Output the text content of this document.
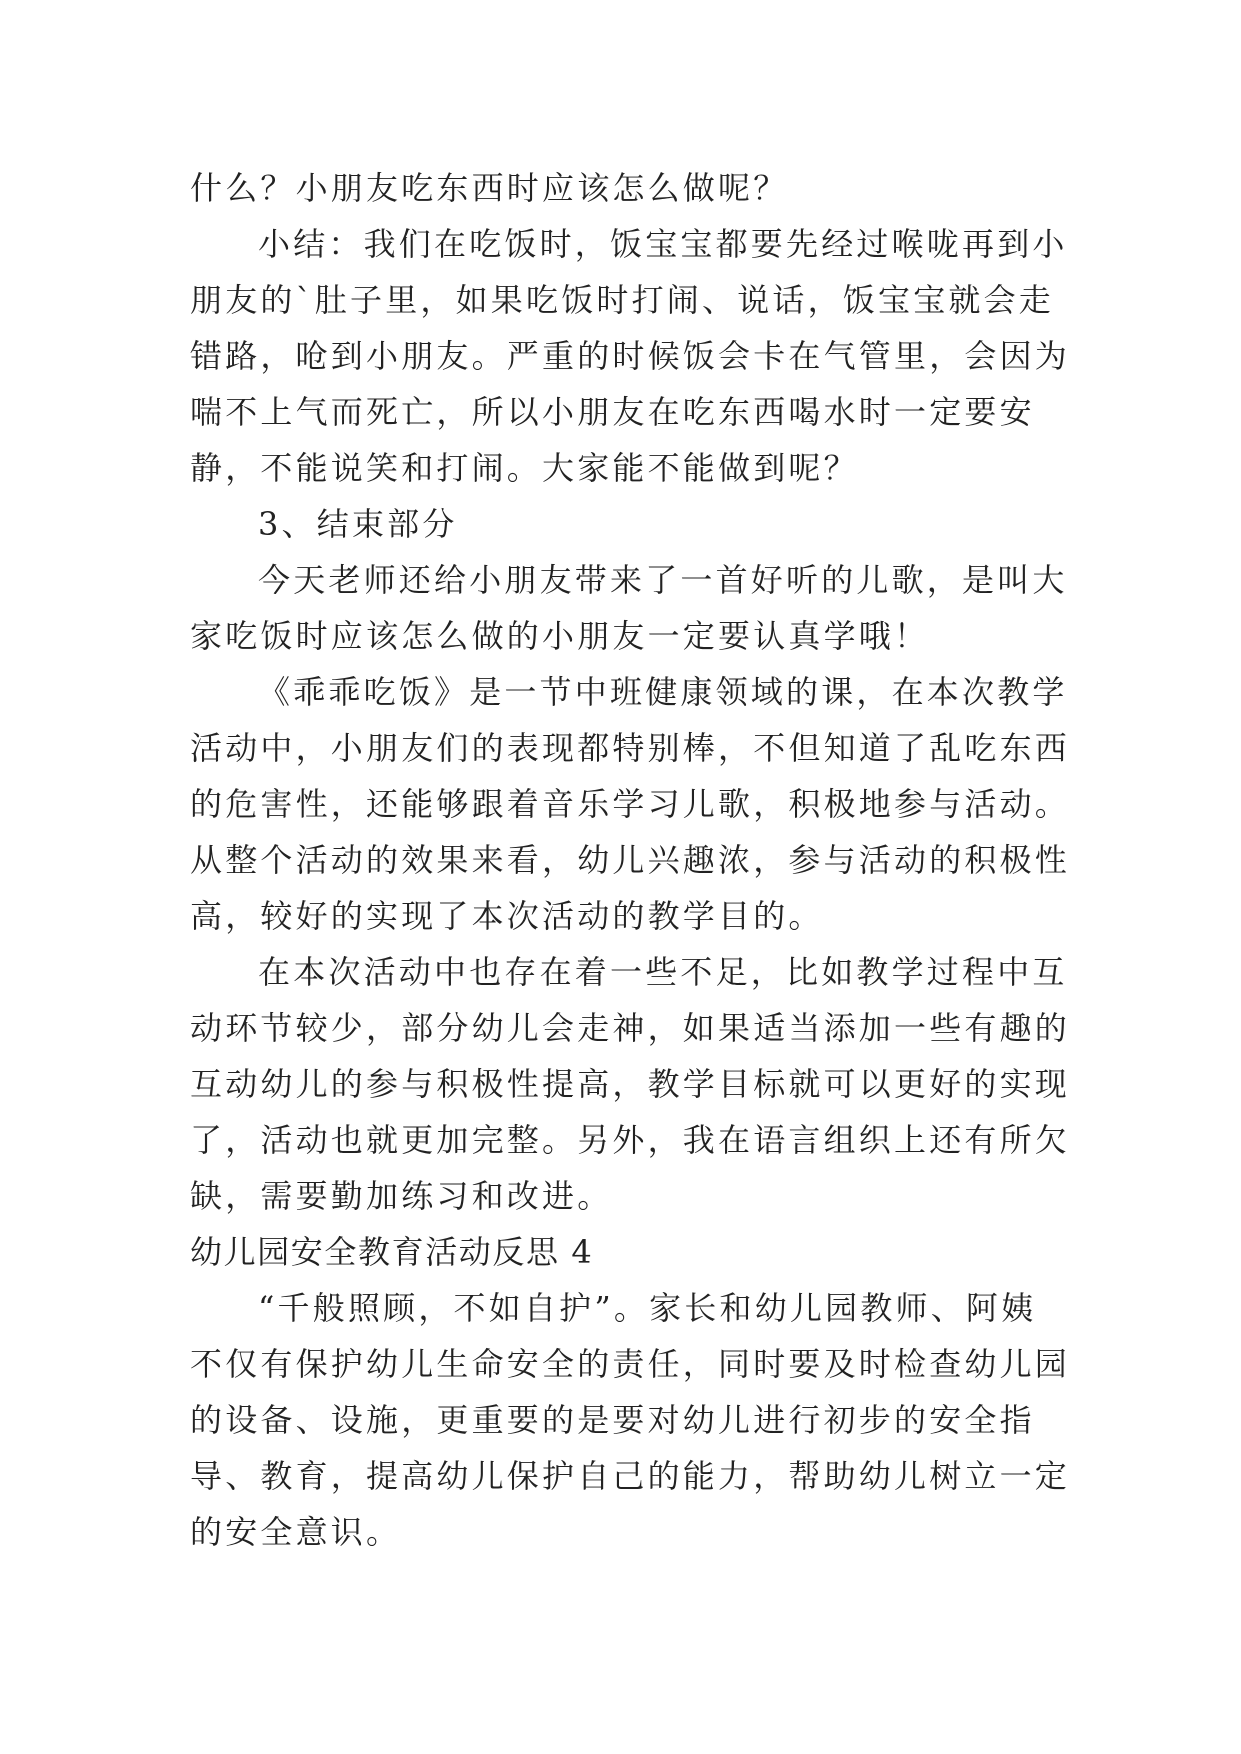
什么？小朋友吃东西时应该怎么做呢？

小结：我们在吃饭时，饭宝宝都要先经过喉咙再到小朋友的`肚子里，如果吃饭时打闹、说话，饭宝宝就会走错路，呛到小朋友。严重的时候饭会卡在气管里，会因为喘不上气而死亡，所以小朋友在吃东西喝水时一定要安静，不能说笑和打闹。大家能不能做到呢？

3、结束部分

今天老师还给小朋友带来了一首好听的儿歌，是叫大家吃饭时应该怎么做的小朋友一定要认真学哦！

《乖乖吃饭》是一节中班健康领域的课，在本次教学活动中，小朋友们的表现都特别棒，不但知道了乱吃东西的危害性，还能够跟着音乐学习儿歌，积极地参与活动。从整个活动的效果来看，幼儿兴趣浓，参与活动的积极性高，较好的实现了本次活动的教学目的。

在本次活动中也存在着一些不足，比如教学过程中互动环节较少，部分幼儿会走神，如果适当添加一些有趣的互动幼儿的参与积极性提高，教学目标就可以更好的实现了，活动也就更加完整。另外，我在语言组织上还有所欠缺，需要勤加练习和改进。

幼儿园安全教育活动反思 4

“千般照顾，不如自护”。家长和幼儿园教师、阿姨不仅有保护幼儿生命安全的责任，同时要及时检查幼儿园的设备、设施，更重要的是要对幼儿进行初步的安全指导、教育，提高幼儿保护自己的能力，帮助幼儿树立一定的安全意识。
